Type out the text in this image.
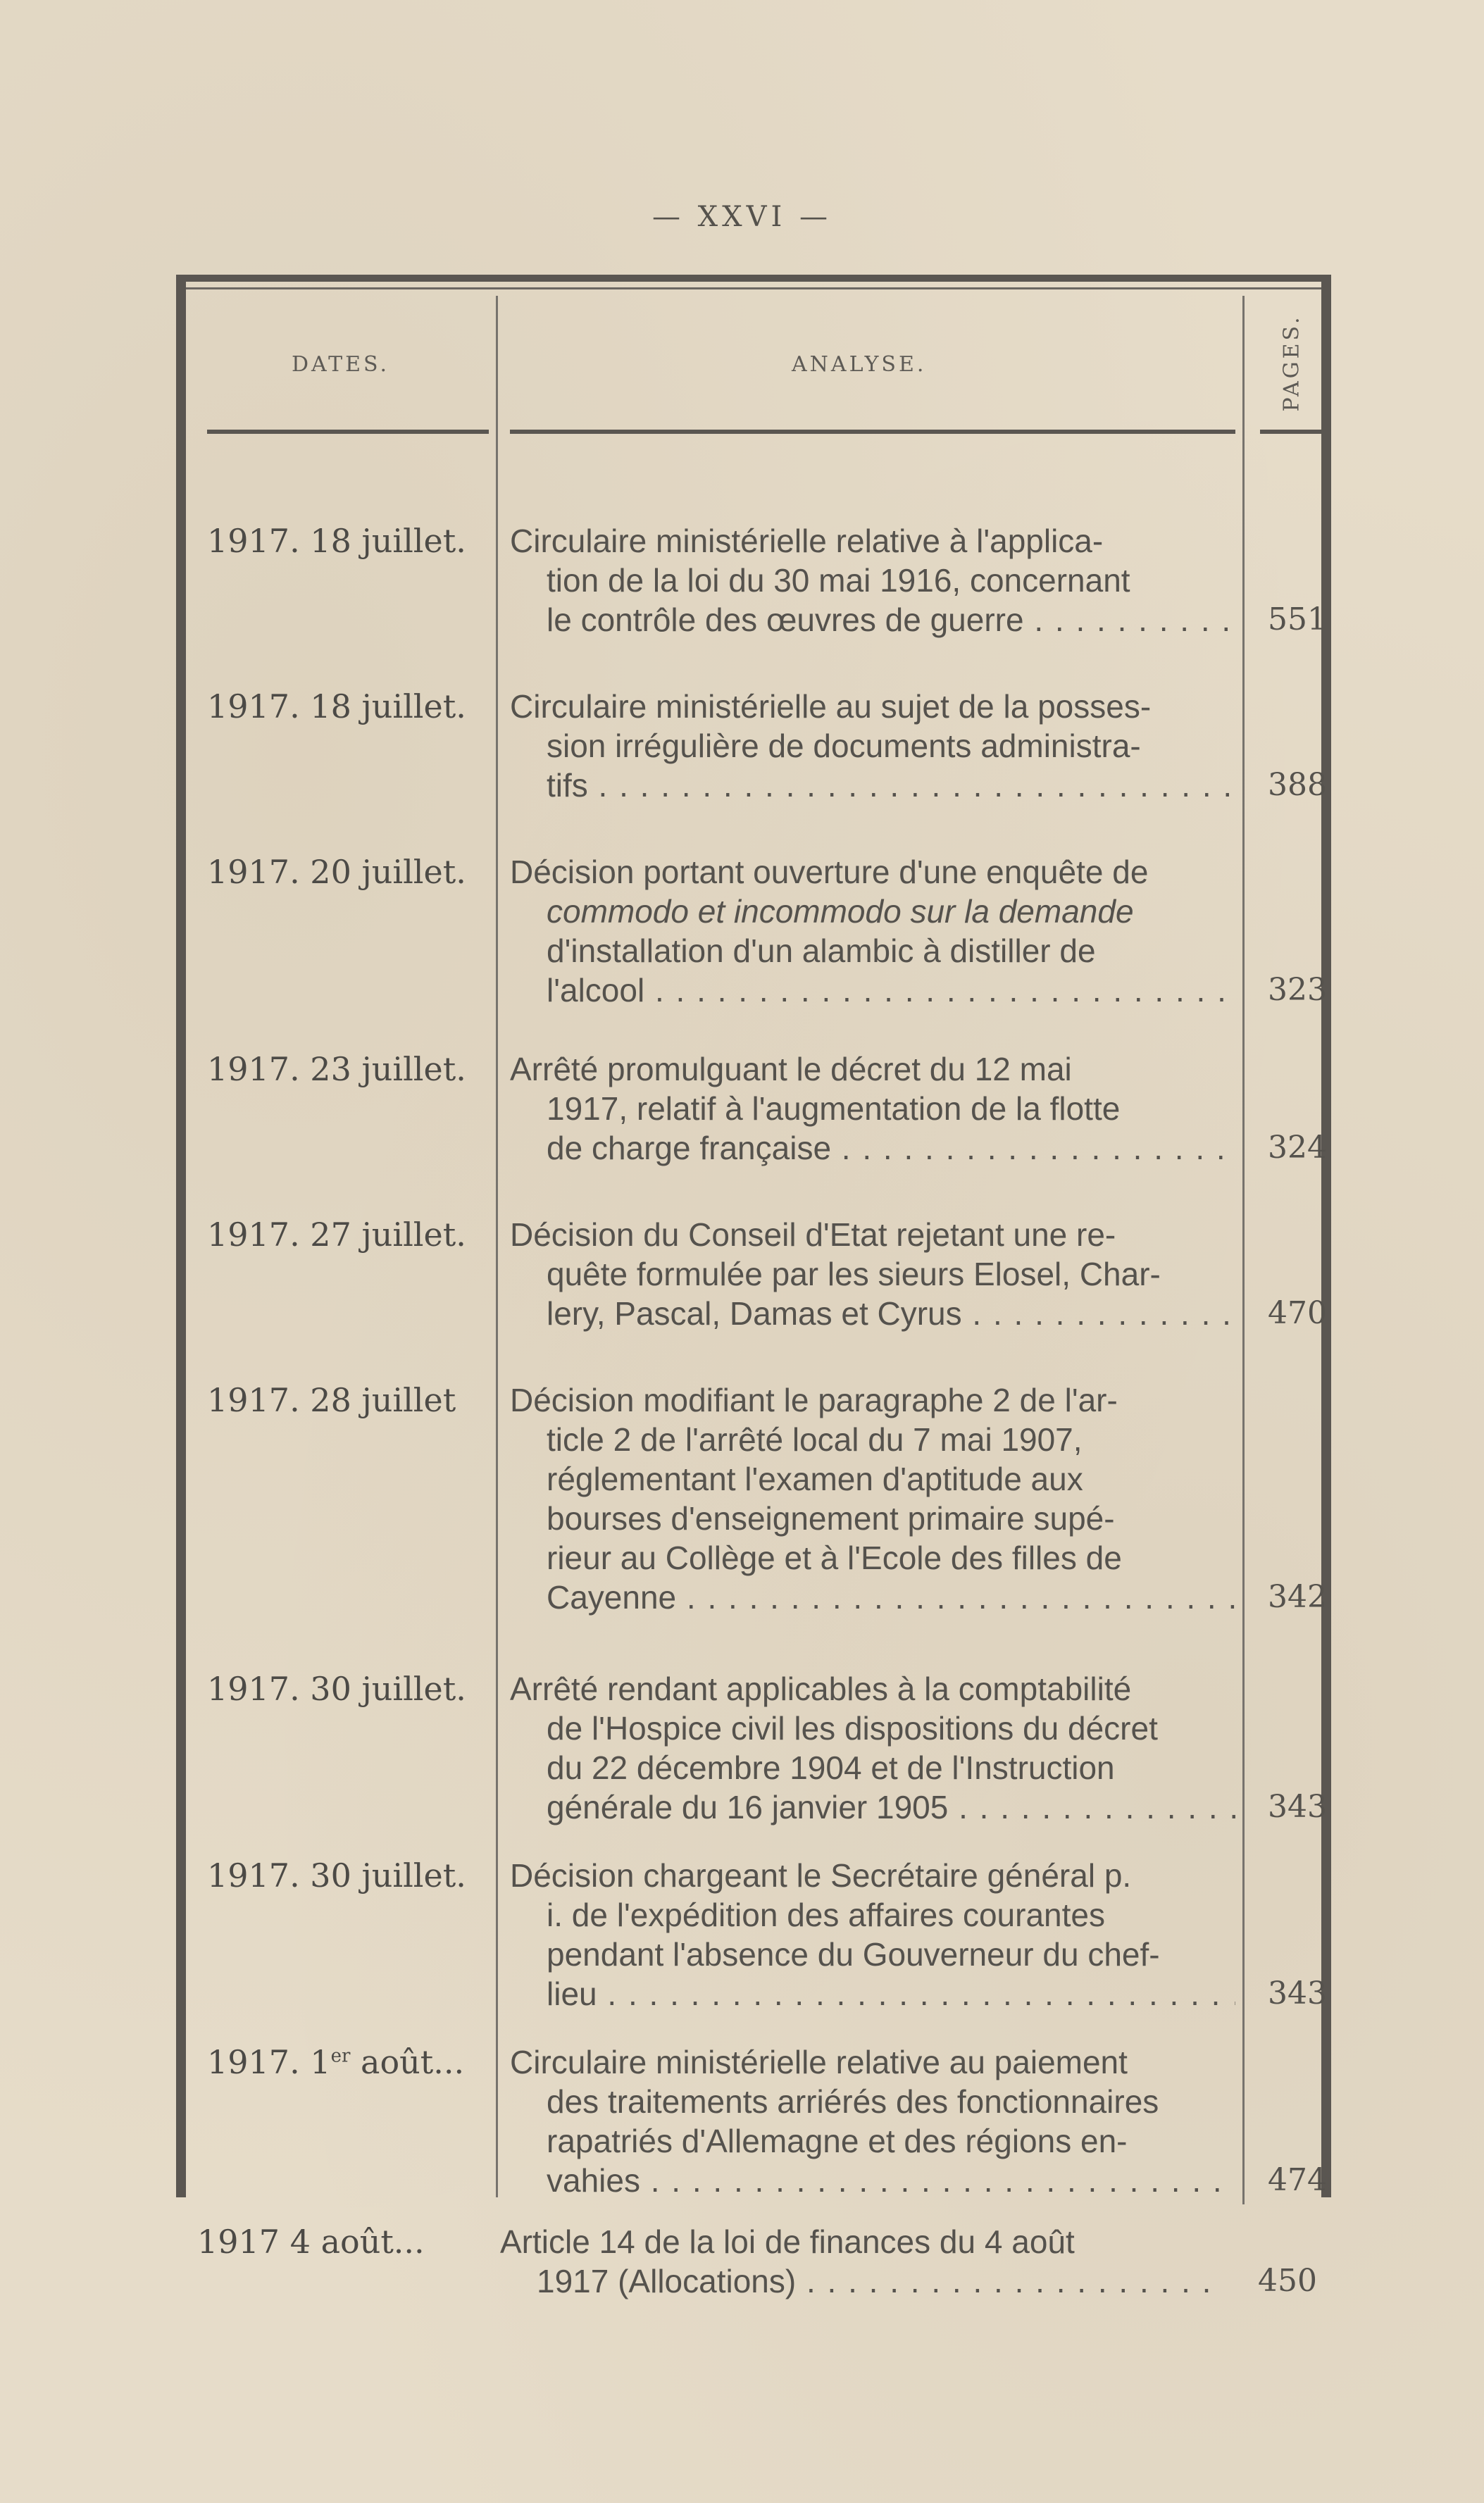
— XXVI —
DATES.	ANALYSE.	PAGES.
1917. 18 juillet. Circulaire ministérielle relative à l'applica-
tion de la loi du 30 mai 1916, concernant
le contrôle des œuvres de guerre . . .	551
1917. 18 juillet. Circulaire ministérielle au sujet de la posses-
sion irrégulière de documents administra-
tifs . . .	388
1917. 20 juillet. Décision portant ouverture d'une enquête de
commodo et incommodo sur la demande
d'installation d'un alambic à distiller de
l'alcool . . .	323
1917. 23 juillet. Arrêté promulguant le décret du 12 mai
1917, relatif à l'augmentation de la flotte
de charge française . . .	324
1917. 27 juillet. Décision du Conseil d'Etat rejetant une re-
quête formulée par les sieurs Elosel, Char-
lery, Pascal, Damas et Cyrus . . .	470
1917. 28 juillet Décision modifiant le paragraphe 2 de l'ar-
ticle 2 de l'arrêté local du 7 mai 1907,
réglementant l'examen d'aptitude aux
bourses d'enseignement primaire supé-
rieur au Collège et à l'Ecole des filles de
Cayenne . . .	342
1917. 30 juillet. Arrêté rendant applicables à la comptabilité
de l'Hospice civil les dispositions du décret
du 22 décembre 1904 et de l'Instruction
générale du 16 janvier 1905 . . .	343
1917. 30 juillet. Décision chargeant le Secrétaire général p.
i. de l'expédition des affaires courantes
pendant l'absence du Gouverneur du chef-
lieu . . .	343
1917. 1er août... Circulaire ministérielle relative au paiement
des traitements arriérés des fonctionnaires
rapatriés d'Allemagne et des régions en-
vahies . . .	474
1917 4 août... Article 14 de la loi de finances du 4 août
1917 (Allocations) . . .	450
